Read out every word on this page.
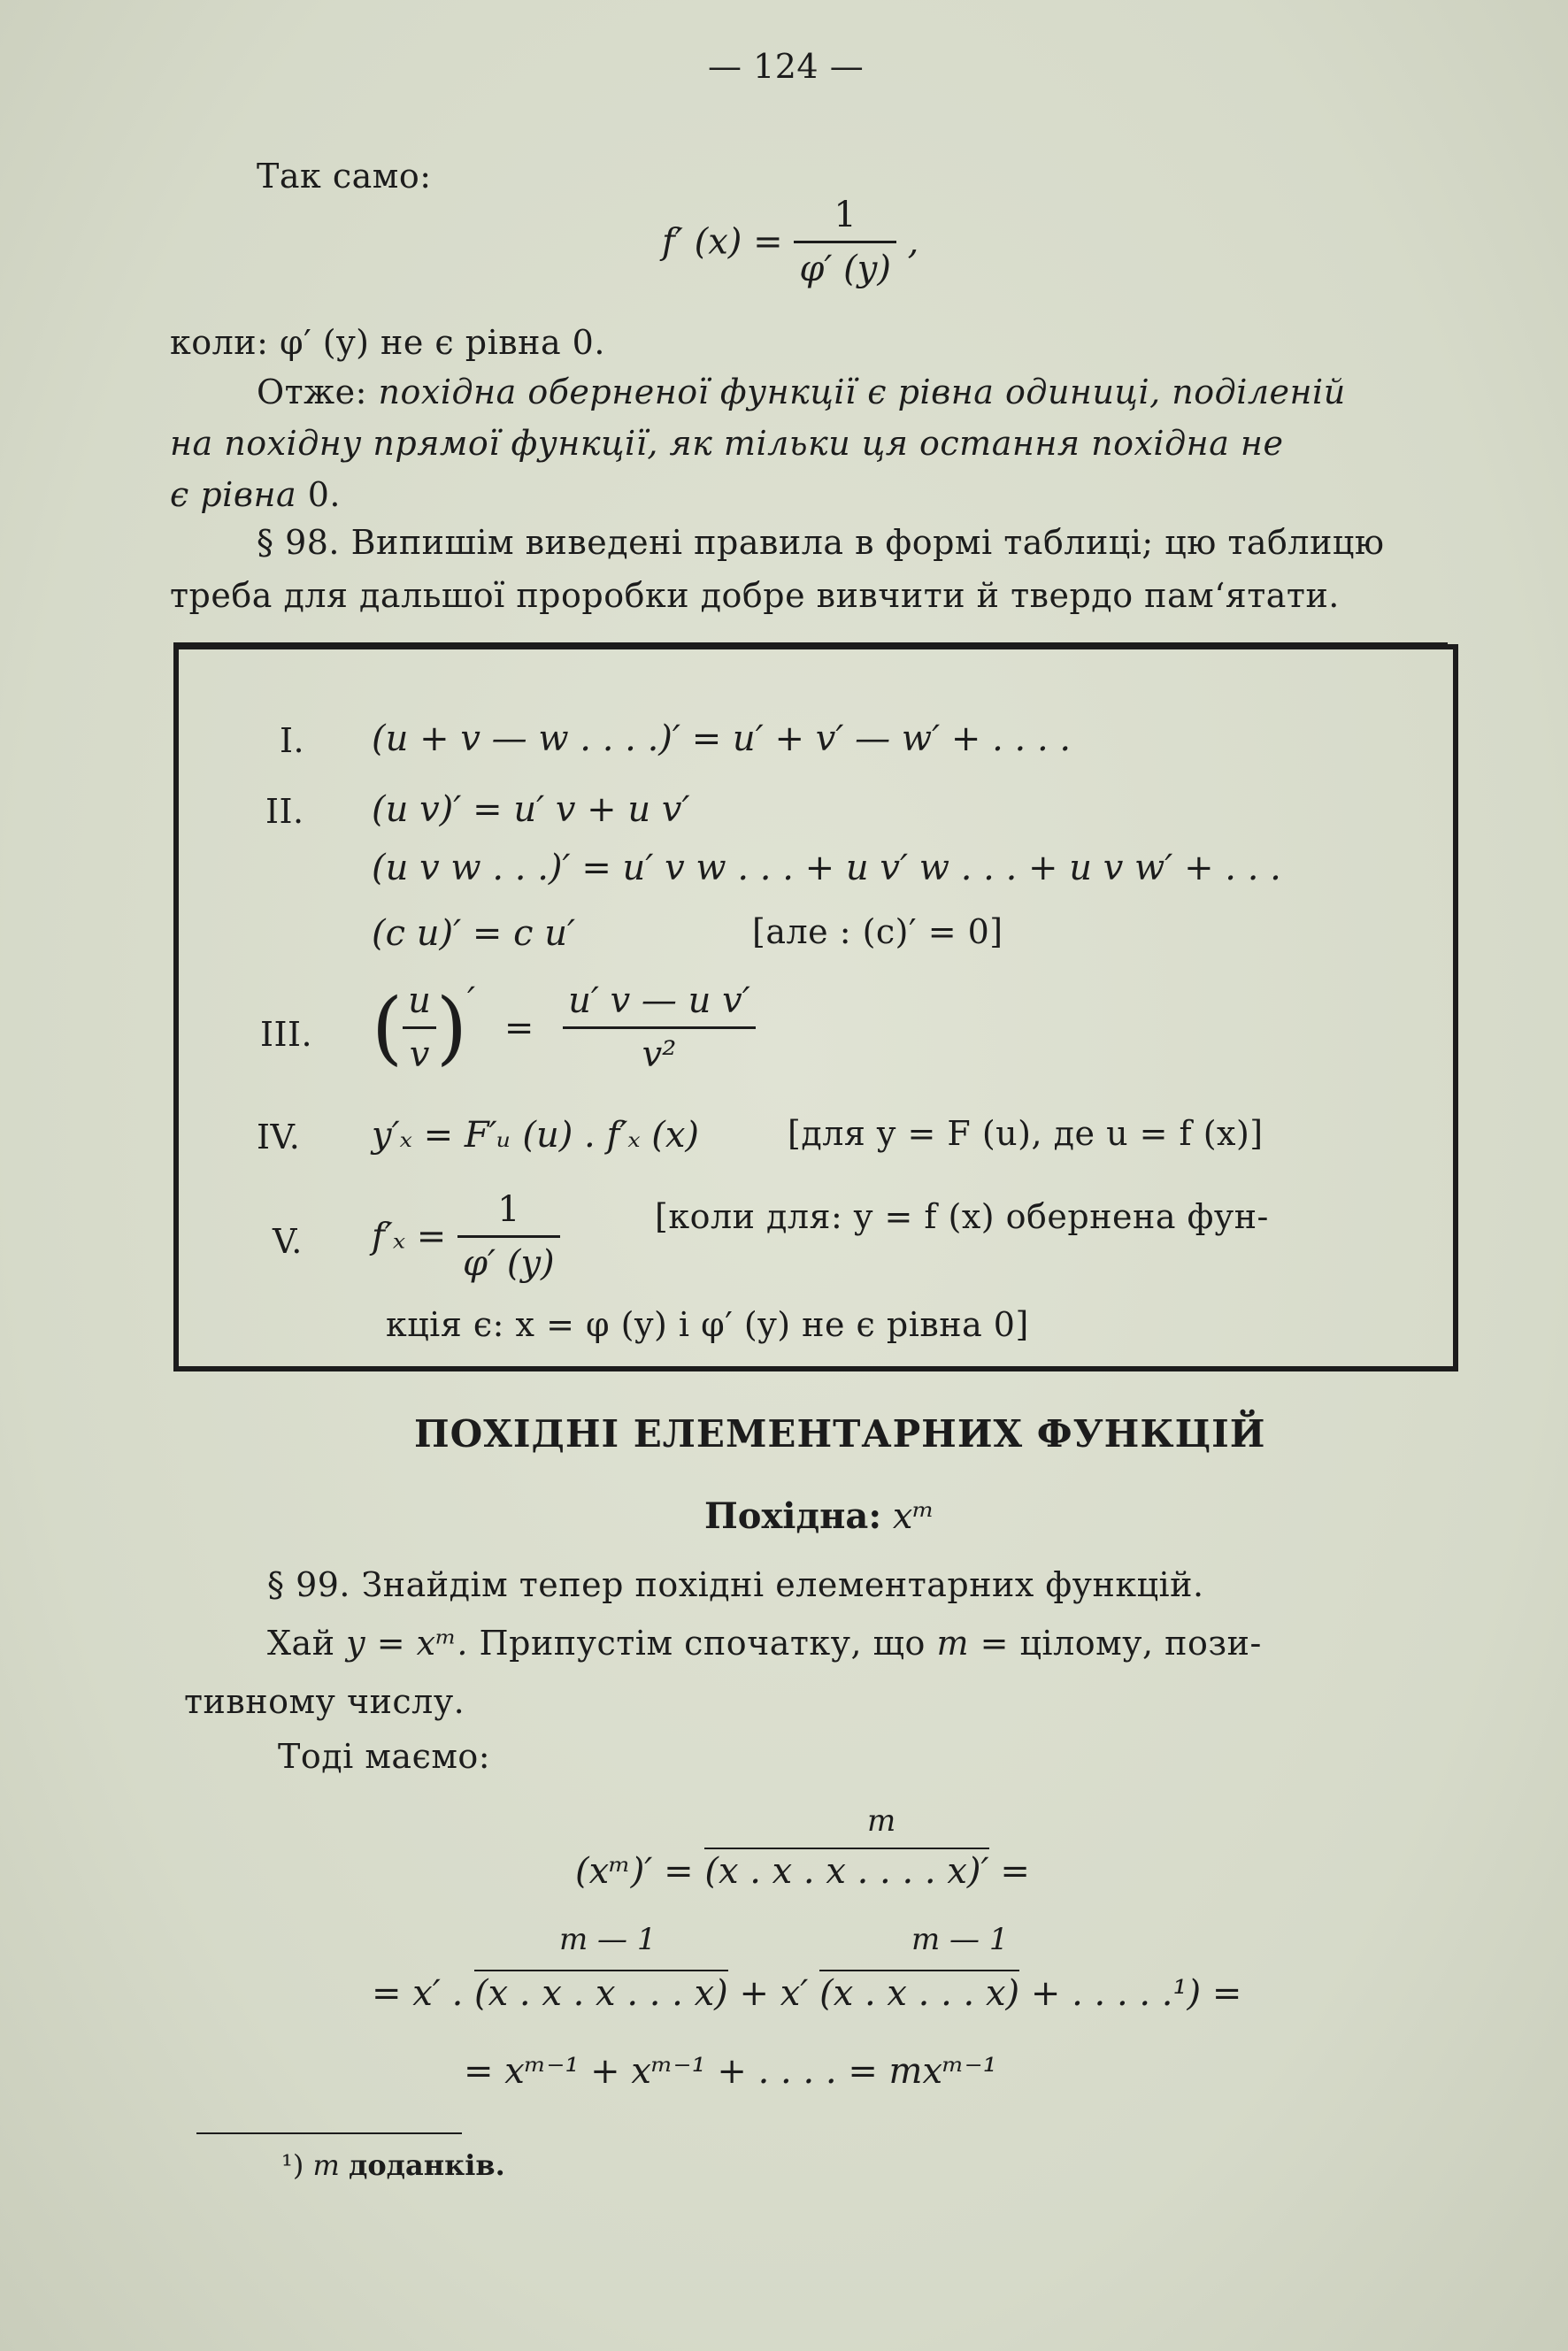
— 124 —
Так само:
f′ $(x) = \frac{1}{\varphi' (y)}$ ,
коли: φ′ (y) не є рівна 0.
Отже: похідна оберненої функції є рівна одиниці, поділеній
на похідну прямої функції, як тільки ця остання похідна не
є рівна 0.
§ 98. Випишім виведені правила в формі таблиці; цю таблицю
треба для дальшої проробки добре вивчити й твердо пам‘ятати.
I. (u + v — w . . . .)′ = u′ + v′ — w′ + . . . .
II. (u v)′ = u′ v + u v′
(u v w . . .)′ = u′ v w . . . + u v′ w . . . + u v w′ + . . .
(c u)′ = c u′	[але : (c)′ = 0]
III. ( $\frac{u}{v}$ )′ = $\frac{\text{u′ v — u v′}}{\text{v²}}$
IV. y′ₓ = F′ᵤ (u) . f′ₓ (x)	[для y = F (u), де u = f (x)]
V. $f'_x = \frac{1}{\varphi' (y)}$	[коли для: y = f (x) обернена фун-
кція є: x = φ (y) і φ′ (y) не є рівна 0]
ПОХІДНІ ЕЛЕМЕНТАРНИХ ФУНКЦІЙ
Похідна: xᵐ
§ 99. Знайдім тепер похідні елементарних функцій.
Хай y = xᵐ. Припустім спочатку, що m = цілому, пози-
тивному числу.
Тоді маємо:
m
(xᵐ)′ = (x . x . x . . . . x)′ =
m — 1	m — 1
= x′ . (x . x . x . . . x) + x′ (x . x . . . x) + . . . . .¹) =
= xᵐ⁻¹ + xᵐ⁻¹ + . . . . = mxᵐ⁻¹
¹) m доданків.
